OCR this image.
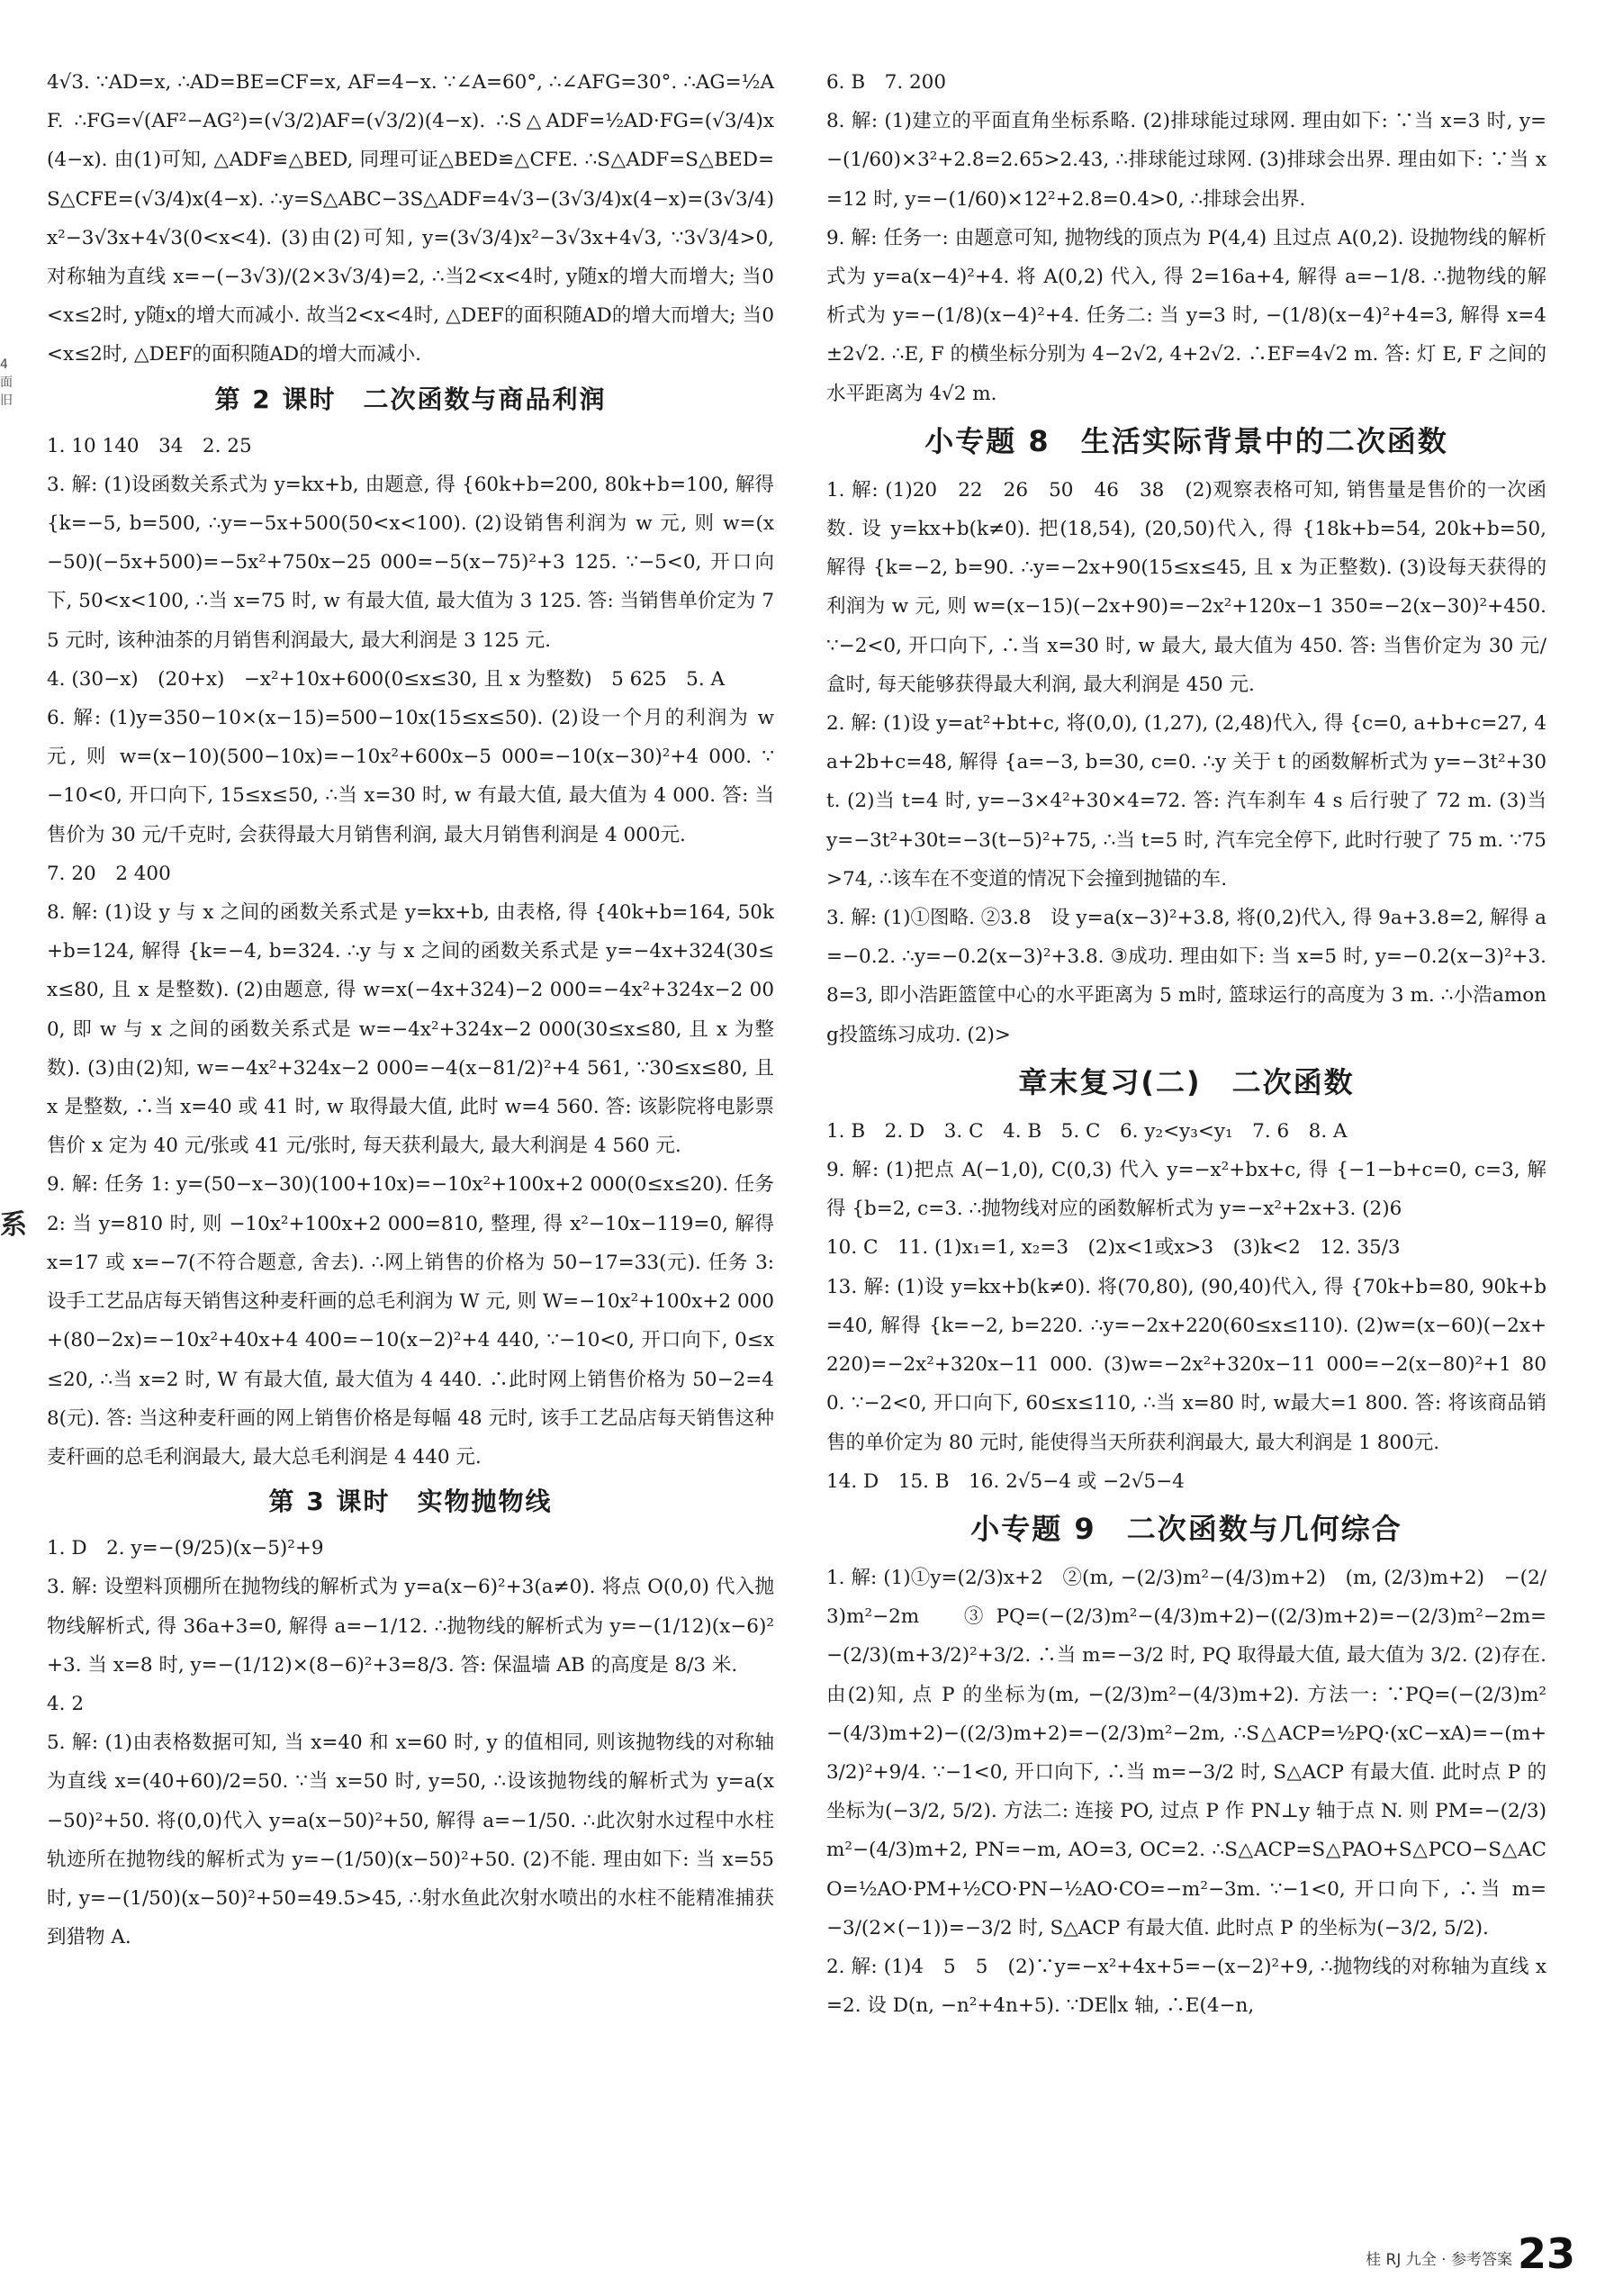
4 面 旧
系
4√3. ∵AD=x, ∴AD=BE=CF=x, AF=4−x. ∵∠A=60°, ∴∠AFG=30°. ∴AG=½AF. ∴FG=√(AF²−AG²)=(√3/2)AF=(√3/2)(4−x). ∴S△ADF=½AD·FG=(√3/4)x(4−x). 由(1)可知, △ADF≌△BED, 同理可证△BED≌△CFE. ∴S△ADF=S△BED=S△CFE=(√3/4)x(4−x). ∴y=S△ABC−3S△ADF=4√3−(3√3/4)x(4−x)=(3√3/4)x²−3√3x+4√3(0<x<4). (3)由(2)可知, y=(3√3/4)x²−3√3x+4√3, ∵3√3/4>0, 对称轴为直线 x=−(−3√3)/(2×3√3/4)=2, ∴当2<x<4时, y随x的增大而增大; 当0<x≤2时, y随x的增大而减小. 故当2<x<4时, △DEF的面积随AD的增大而增大; 当0<x≤2时, △DEF的面积随AD的增大而减小.
第 2 课时　二次函数与商品利润
1. 10 140　34　2. 25
3. 解: (1)设函数关系式为 y=kx+b, 由题意, 得 {60k+b=200, 80k+b=100, 解得 {k=−5, b=500, ∴y=−5x+500(50<x<100). (2)设销售利润为 w 元, 则 w=(x−50)(−5x+500)=−5x²+750x−25 000=−5(x−75)²+3 125. ∵−5<0, 开口向下, 50<x<100, ∴当 x=75 时, w 有最大值, 最大值为 3 125. 答: 当销售单价定为 75 元时, 该种油茶的月销售利润最大, 最大利润是 3 125 元.
4. (30−x)　(20+x)　−x²+10x+600(0≤x≤30, 且 x 为整数)　5 625　5. A
6. 解: (1)y=350−10×(x−15)=500−10x(15≤x≤50). (2)设一个月的利润为 w 元, 则 w=(x−10)(500−10x)=−10x²+600x−5 000=−10(x−30)²+4 000. ∵−10<0, 开口向下, 15≤x≤50, ∴当 x=30 时, w 有最大值, 最大值为 4 000. 答: 当售价为 30 元/千克时, 会获得最大月销售利润, 最大月销售利润是 4 000元.
7. 20　2 400
8. 解: (1)设 y 与 x 之间的函数关系式是 y=kx+b, 由表格, 得 {40k+b=164, 50k+b=124, 解得 {k=−4, b=324. ∴y 与 x 之间的函数关系式是 y=−4x+324(30≤x≤80, 且 x 是整数). (2)由题意, 得 w=x(−4x+324)−2 000=−4x²+324x−2 000, 即 w 与 x 之间的函数关系式是 w=−4x²+324x−2 000(30≤x≤80, 且 x 为整数). (3)由(2)知, w=−4x²+324x−2 000=−4(x−81/2)²+4 561, ∵30≤x≤80, 且 x 是整数, ∴当 x=40 或 41 时, w 取得最大值, 此时 w=4 560. 答: 该影院将电影票售价 x 定为 40 元/张或 41 元/张时, 每天获利最大, 最大利润是 4 560 元.
9. 解: 任务 1: y=(50−x−30)(100+10x)=−10x²+100x+2 000(0≤x≤20). 任务 2: 当 y=810 时, 则 −10x²+100x+2 000=810, 整理, 得 x²−10x−119=0, 解得 x=17 或 x=−7(不符合题意, 舍去). ∴网上销售的价格为 50−17=33(元). 任务 3: 设手工艺品店每天销售这种麦秆画的总毛利润为 W 元, 则 W=−10x²+100x+2 000+(80−2x)=−10x²+40x+4 400=−10(x−2)²+4 440, ∵−10<0, 开口向下, 0≤x≤20, ∴当 x=2 时, W 有最大值, 最大值为 4 440. ∴此时网上销售价格为 50−2=48(元). 答: 当这种麦秆画的网上销售价格是每幅 48 元时, 该手工艺品店每天销售这种麦秆画的总毛利润最大, 最大总毛利润是 4 440 元.
第 3 课时　实物抛物线
1. D　2. y=−(9/25)(x−5)²+9
3. 解: 设塑料顶棚所在抛物线的解析式为 y=a(x−6)²+3(a≠0). 将点 O(0,0) 代入抛物线解析式, 得 36a+3=0, 解得 a=−1/12. ∴抛物线的解析式为 y=−(1/12)(x−6)²+3. 当 x=8 时, y=−(1/12)×(8−6)²+3=8/3. 答: 保温墙 AB 的高度是 8/3 米.
4. 2
5. 解: (1)由表格数据可知, 当 x=40 和 x=60 时, y 的值相同, 则该抛物线的对称轴为直线 x=(40+60)/2=50. ∵当 x=50 时, y=50, ∴设该抛物线的解析式为 y=a(x−50)²+50. 将(0,0)代入 y=a(x−50)²+50, 解得 a=−1/50. ∴此次射水过程中水柱轨迹所在抛物线的解析式为 y=−(1/50)(x−50)²+50. (2)不能. 理由如下: 当 x=55 时, y=−(1/50)(x−50)²+50=49.5>45, ∴射水鱼此次射水喷出的水柱不能精准捕获到猎物 A.
6. B　7. 200
8. 解: (1)建立的平面直角坐标系略. (2)排球能过球网. 理由如下: ∵当 x=3 时, y=−(1/60)×3²+2.8=2.65>2.43, ∴排球能过球网. (3)排球会出界. 理由如下: ∵当 x=12 时, y=−(1/60)×12²+2.8=0.4>0, ∴排球会出界.
9. 解: 任务一: 由题意可知, 抛物线的顶点为 P(4,4) 且过点 A(0,2). 设抛物线的解析式为 y=a(x−4)²+4. 将 A(0,2) 代入, 得 2=16a+4, 解得 a=−1/8. ∴抛物线的解析式为 y=−(1/8)(x−4)²+4. 任务二: 当 y=3 时, −(1/8)(x−4)²+4=3, 解得 x=4±2√2. ∴E, F 的横坐标分别为 4−2√2, 4+2√2. ∴EF=4√2 m. 答: 灯 E, F 之间的水平距离为 4√2 m.
小专题 8　生活实际背景中的二次函数
1. 解: (1)20　22　26　50　46　38　(2)观察表格可知, 销售量是售价的一次函数. 设 y=kx+b(k≠0). 把(18,54), (20,50)代入, 得 {18k+b=54, 20k+b=50, 解得 {k=−2, b=90. ∴y=−2x+90(15≤x≤45, 且 x 为正整数). (3)设每天获得的利润为 w 元, 则 w=(x−15)(−2x+90)=−2x²+120x−1 350=−2(x−30)²+450. ∵−2<0, 开口向下, ∴当 x=30 时, w 最大, 最大值为 450. 答: 当售价定为 30 元/盒时, 每天能够获得最大利润, 最大利润是 450 元.
2. 解: (1)设 y=at²+bt+c, 将(0,0), (1,27), (2,48)代入, 得 {c=0, a+b+c=27, 4a+2b+c=48, 解得 {a=−3, b=30, c=0. ∴y 关于 t 的函数解析式为 y=−3t²+30t. (2)当 t=4 时, y=−3×4²+30×4=72. 答: 汽车刹车 4 s 后行驶了 72 m. (3)当 y=−3t²+30t=−3(t−5)²+75, ∴当 t=5 时, 汽车完全停下, 此时行驶了 75 m. ∵75>74, ∴该车在不变道的情况下会撞到抛锚的车.
3. 解: (1)①图略. ②3.8　设 y=a(x−3)²+3.8, 将(0,2)代入, 得 9a+3.8=2, 解得 a=−0.2. ∴y=−0.2(x−3)²+3.8. ③成功. 理由如下: 当 x=5 时, y=−0.2(x−3)²+3.8=3, 即小浩距篮筐中心的水平距离为 5 m时, 篮球运行的高度为 3 m. ∴小浩among投篮练习成功. (2)>
章末复习(二)　二次函数
1. B　2. D　3. C　4. B　5. C　6. y₂<y₃<y₁　7. 6　8. A
9. 解: (1)把点 A(−1,0), C(0,3) 代入 y=−x²+bx+c, 得 {−1−b+c=0, c=3, 解得 {b=2, c=3. ∴抛物线对应的函数解析式为 y=−x²+2x+3. (2)6
10. C　11. (1)x₁=1, x₂=3　(2)x<1或x>3　(3)k<2　12. 35/3
13. 解: (1)设 y=kx+b(k≠0). 将(70,80), (90,40)代入, 得 {70k+b=80, 90k+b=40, 解得 {k=−2, b=220. ∴y=−2x+220(60≤x≤110). (2)w=(x−60)(−2x+220)=−2x²+320x−11 000. (3)w=−2x²+320x−11 000=−2(x−80)²+1 800. ∵−2<0, 开口向下, 60≤x≤110, ∴当 x=80 时, w最大=1 800. 答: 将该商品销售的单价定为 80 元时, 能使得当天所获利润最大, 最大利润是 1 800元.
14. D　15. B　16. 2√5−4 或 −2√5−4
小专题 9　二次函数与几何综合
1. 解: (1)①y=(2/3)x+2　②(m, −(2/3)m²−(4/3)m+2)　(m, (2/3)m+2)　−(2/3)m²−2m　③PQ=(−(2/3)m²−(4/3)m+2)−((2/3)m+2)=−(2/3)m²−2m=−(2/3)(m+3/2)²+3/2. ∴当 m=−3/2 时, PQ 取得最大值, 最大值为 3/2. (2)存在. 由(2)知, 点 P 的坐标为(m, −(2/3)m²−(4/3)m+2). 方法一: ∵PQ=(−(2/3)m²−(4/3)m+2)−((2/3)m+2)=−(2/3)m²−2m, ∴S△ACP=½PQ·(xC−xA)=−(m+3/2)²+9/4. ∵−1<0, 开口向下, ∴当 m=−3/2 时, S△ACP 有最大值. 此时点 P 的坐标为(−3/2, 5/2). 方法二: 连接 PO, 过点 P 作 PN⊥y 轴于点 N. 则 PM=−(2/3)m²−(4/3)m+2, PN=−m, AO=3, OC=2. ∴S△ACP=S△PAO+S△PCO−S△ACO=½AO·PM+½CO·PN−½AO·CO=−m²−3m. ∵−1<0, 开口向下, ∴当 m=−3/(2×(−1))=−3/2 时, S△ACP 有最大值. 此时点 P 的坐标为(−3/2, 5/2).
2. 解: (1)4　5　5　(2)∵y=−x²+4x+5=−(x−2)²+9, ∴抛物线的对称轴为直线 x=2. 设 D(n, −n²+4n+5). ∵DE∥x 轴, ∴E(4−n,
桂 RJ 九全 · 参考答案 23
